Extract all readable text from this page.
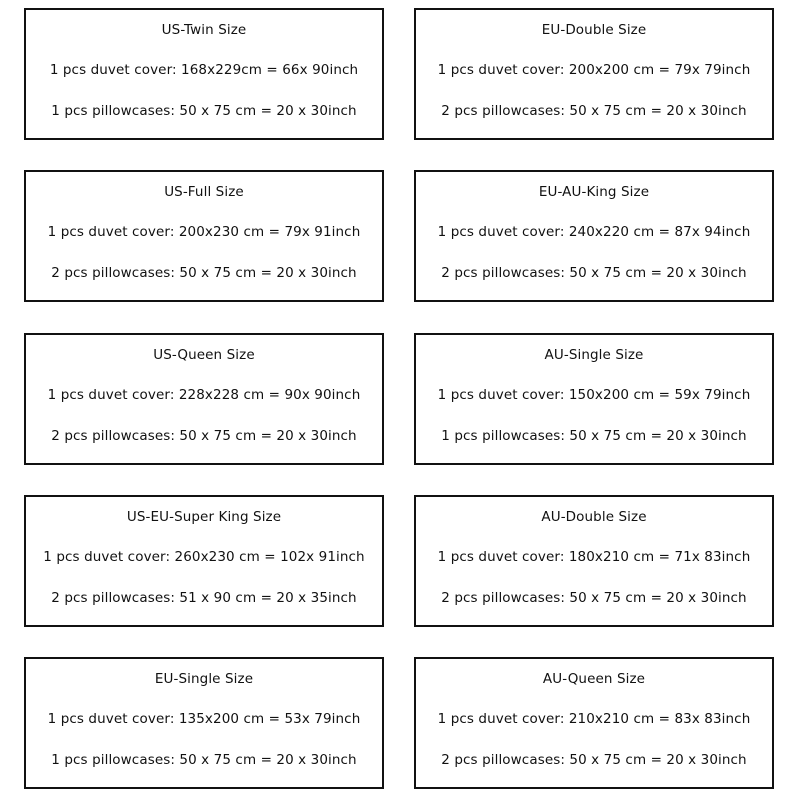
US-Twin Size
1 pcs duvet cover: 168x229cm = 66x 90inch
1 pcs pillowcases: 50 x 75 cm = 20 x 30inch
US-Full Size
1 pcs duvet cover: 200x230 cm = 79x 91inch
2 pcs pillowcases: 50 x 75 cm = 20 x 30inch
US-Queen Size
1 pcs duvet cover: 228x228 cm = 90x 90inch
2 pcs pillowcases: 50 x 75 cm = 20 x 30inch
US-EU-Super King Size
1 pcs duvet cover: 260x230 cm = 102x 91inch
2 pcs pillowcases: 51 x 90 cm = 20 x 35inch
EU-Single Size
1 pcs duvet cover: 135x200 cm = 53x 79inch
1 pcs pillowcases: 50 x 75 cm = 20 x 30inch
EU-Double Size
1 pcs duvet cover: 200x200 cm = 79x 79inch
2 pcs pillowcases: 50 x 75 cm = 20 x 30inch
EU-AU-King Size
1 pcs duvet cover: 240x220 cm = 87x 94inch
2 pcs pillowcases: 50 x 75 cm = 20 x 30inch
AU-Single Size
1 pcs duvet cover: 150x200 cm = 59x 79inch
1 pcs pillowcases: 50 x 75 cm = 20 x 30inch
AU-Double Size
1 pcs duvet cover: 180x210 cm = 71x 83inch
2 pcs pillowcases: 50 x 75 cm = 20 x 30inch
AU-Queen Size
1 pcs duvet cover: 210x210 cm = 83x 83inch
2 pcs pillowcases: 50 x 75 cm = 20 x 30inch
